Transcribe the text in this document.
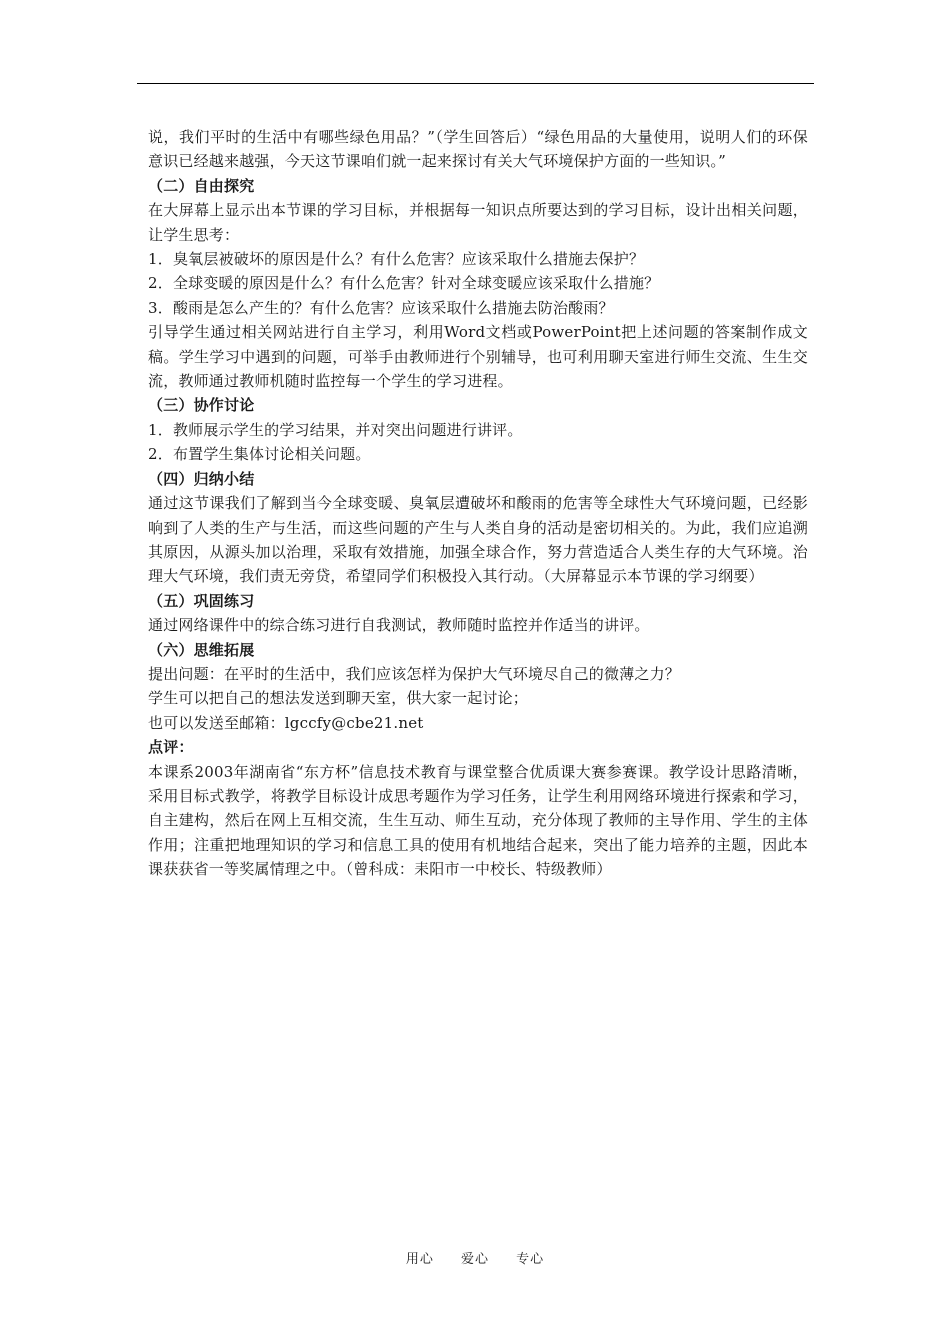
说，我们平时的生活中有哪些绿色用品？”（学生回答后）“绿色用品的大量使用，说明人们的环保意识已经越来越强，今天这节课咱们就一起来探讨有关大气环境保护方面的一些知识。”

（二）自由探究

在大屏幕上显示出本节课的学习目标，并根据每一知识点所要达到的学习目标，设计出相关问题，让学生思考：

1．臭氧层被破坏的原因是什么？有什么危害？应该采取什么措施去保护？

2．全球变暖的原因是什么？有什么危害？针对全球变暖应该采取什么措施？

3．酸雨是怎么产生的？有什么危害？应该采取什么措施去防治酸雨？

引导学生通过相关网站进行自主学习，利用Word文档或PowerPoint把上述问题的答案制作成文稿。学生学习中遇到的问题，可举手由教师进行个别辅导，也可利用聊天室进行师生交流、生生交流，教师通过教师机随时监控每一个学生的学习进程。

（三）协作讨论

1．教师展示学生的学习结果，并对突出问题进行讲评。

2．布置学生集体讨论相关问题。

（四）归纳小结

通过这节课我们了解到当今全球变暖、臭氧层遭破坏和酸雨的危害等全球性大气环境问题，已经影响到了人类的生产与生活，而这些问题的产生与人类自身的活动是密切相关的。为此，我们应追溯其原因，从源头加以治理，采取有效措施，加强全球合作，努力营造适合人类生存的大气环境。治理大气环境，我们责无旁贷，希望同学们积极投入其行动。（大屏幕显示本节课的学习纲要）

（五）巩固练习

通过网络课件中的综合练习进行自我测试，教师随时监控并作适当的讲评。

（六）思维拓展

提出问题：在平时的生活中，我们应该怎样为保护大气环境尽自己的微薄之力？

学生可以把自己的想法发送到聊天室，供大家一起讨论；

也可以发送至邮箱：lgccfy@cbe21.net

点评：

本课系2003年湖南省“东方杯”信息技术教育与课堂整合优质课大赛参赛课。教学设计思路清晰，采用目标式教学，将教学目标设计成思考题作为学习任务，让学生利用网络环境进行探索和学习，自主建构，然后在网上互相交流，生生互动、师生互动，充分体现了教师的主导作用、学生的主体作用；注重把地理知识的学习和信息工具的使用有机地结合起来，突出了能力培养的主题，因此本课获获省一等奖属情理之中。（曾科成：耒阳市一中校长、特级教师）

用心 爱心 专心
